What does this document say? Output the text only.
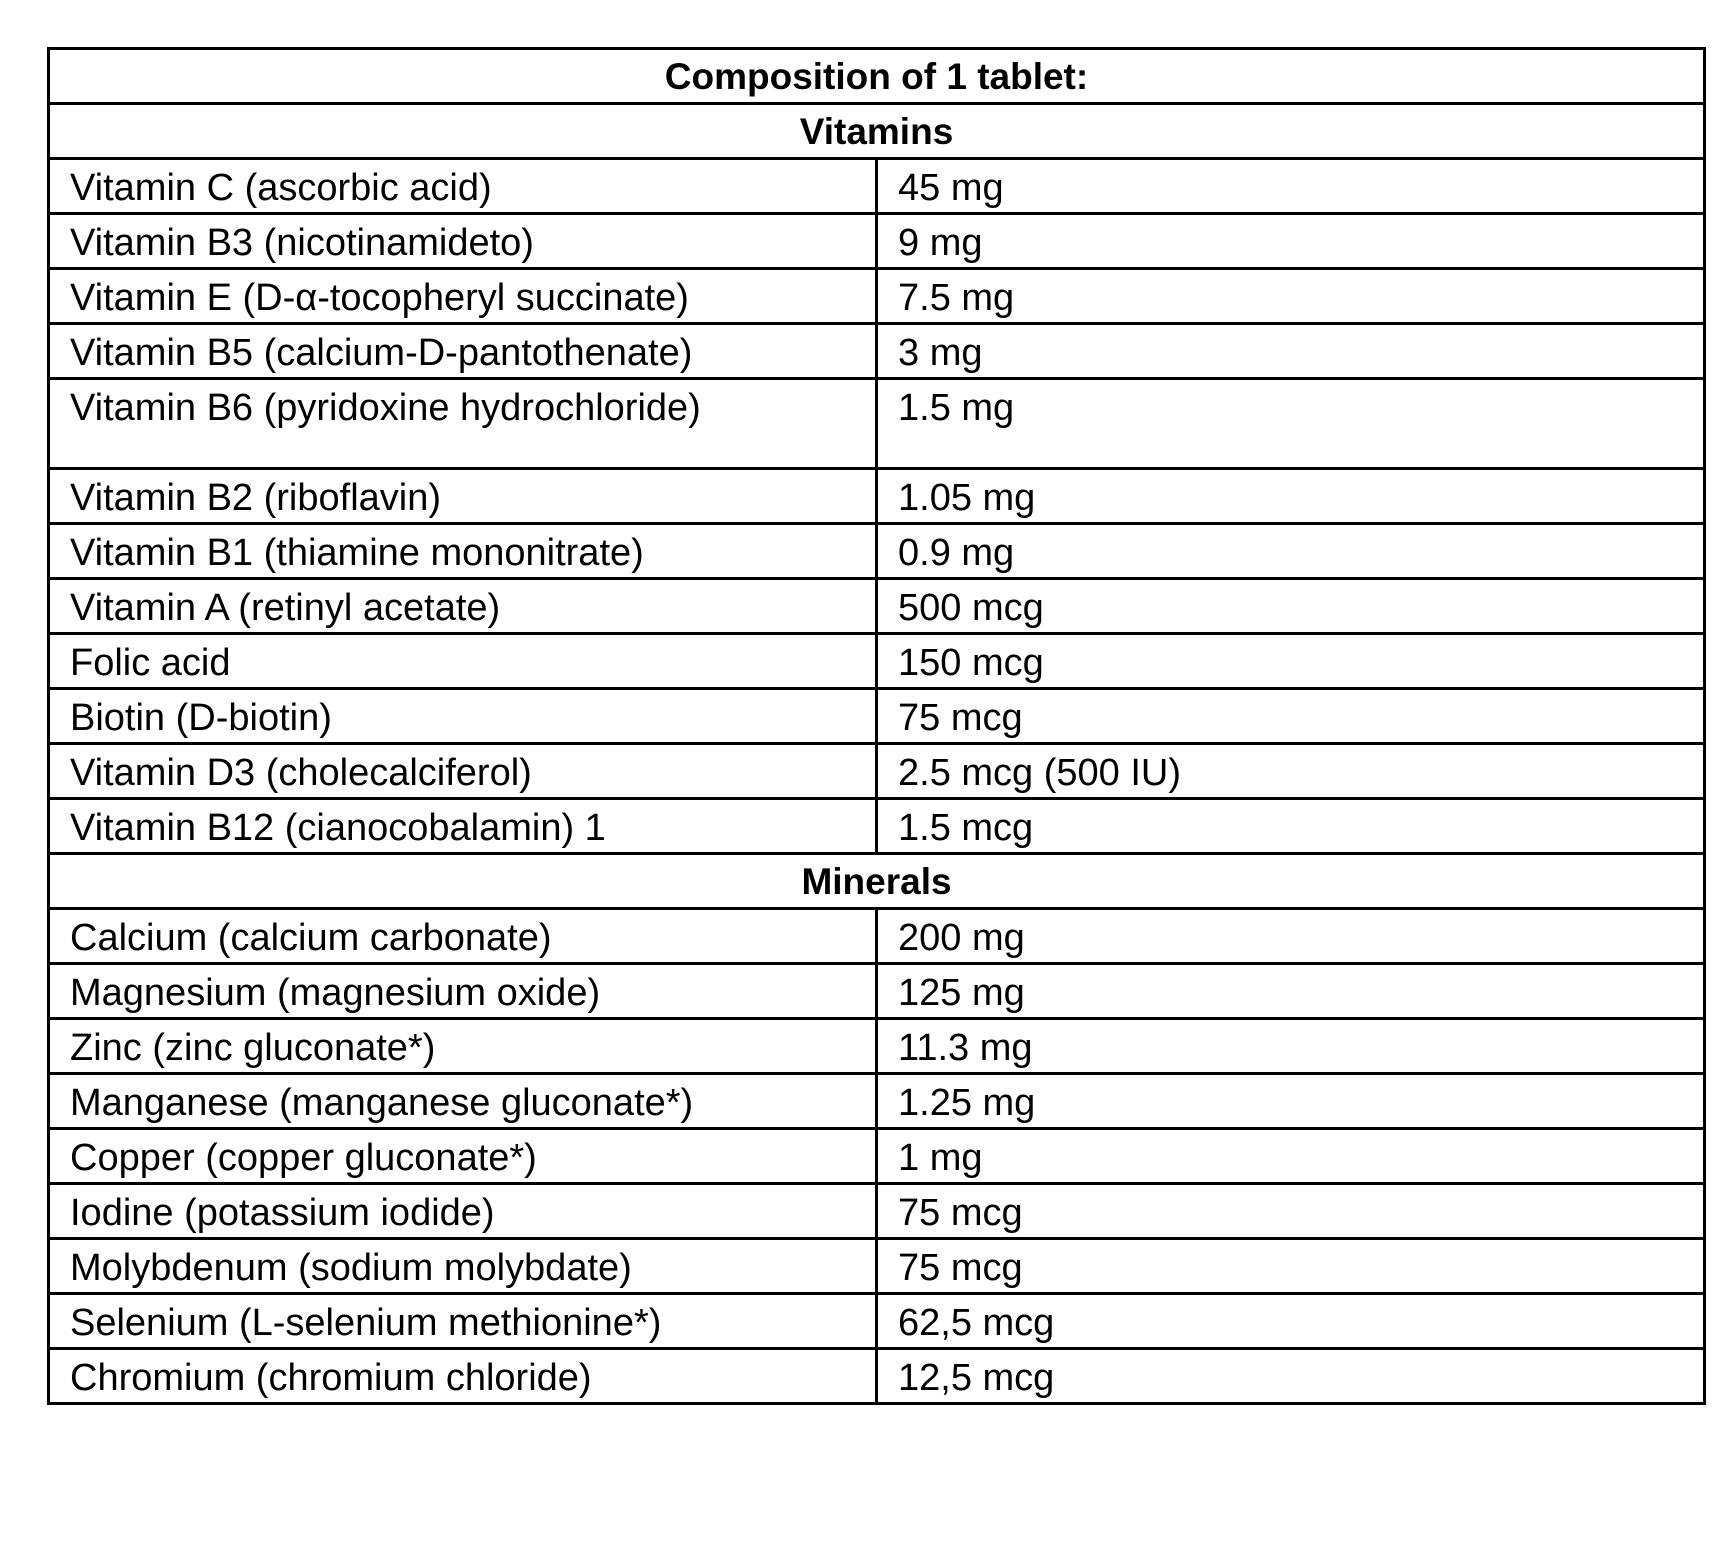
Composition of 1 tablet:	
Vitamins	
Vitamin C (ascorbic acid)	45 mg
Vitamin B3 (nicotinamideto)	9 mg
Vitamin E (D-α-tocopheryl succinate)	7.5 mg
Vitamin B5 (calcium-D-pantothenate)	3 mg
Vitamin B6 (pyridoxine hydrochloride)	1.5 mg
Vitamin B2 (riboflavin)	1.05 mg
Vitamin B1 (thiamine mononitrate)	0.9 mg
Vitamin A (retinyl acetate)	500 mcg
Folic acid	150 mcg
Biotin (D-biotin)	75 mcg
Vitamin D3 (cholecalciferol)	2.5 mcg (500 IU)
Vitamin B12 (cianocobalamin) 1	1.5 mcg
Minerals	
Calcium (calcium carbonate)	200 mg
Magnesium (magnesium oxide)	125 mg
Zinc (zinc gluconate*)	11.3 mg
Manganese (manganese gluconate*)	1.25 mg
Copper (copper gluconate*)	1 mg
Iodine (potassium iodide)	75 mcg
Molybdenum (sodium molybdate)	75 mcg
Selenium (L-selenium methionine*)	62,5 mcg
Chromium (chromium chloride)	12,5 mcg
